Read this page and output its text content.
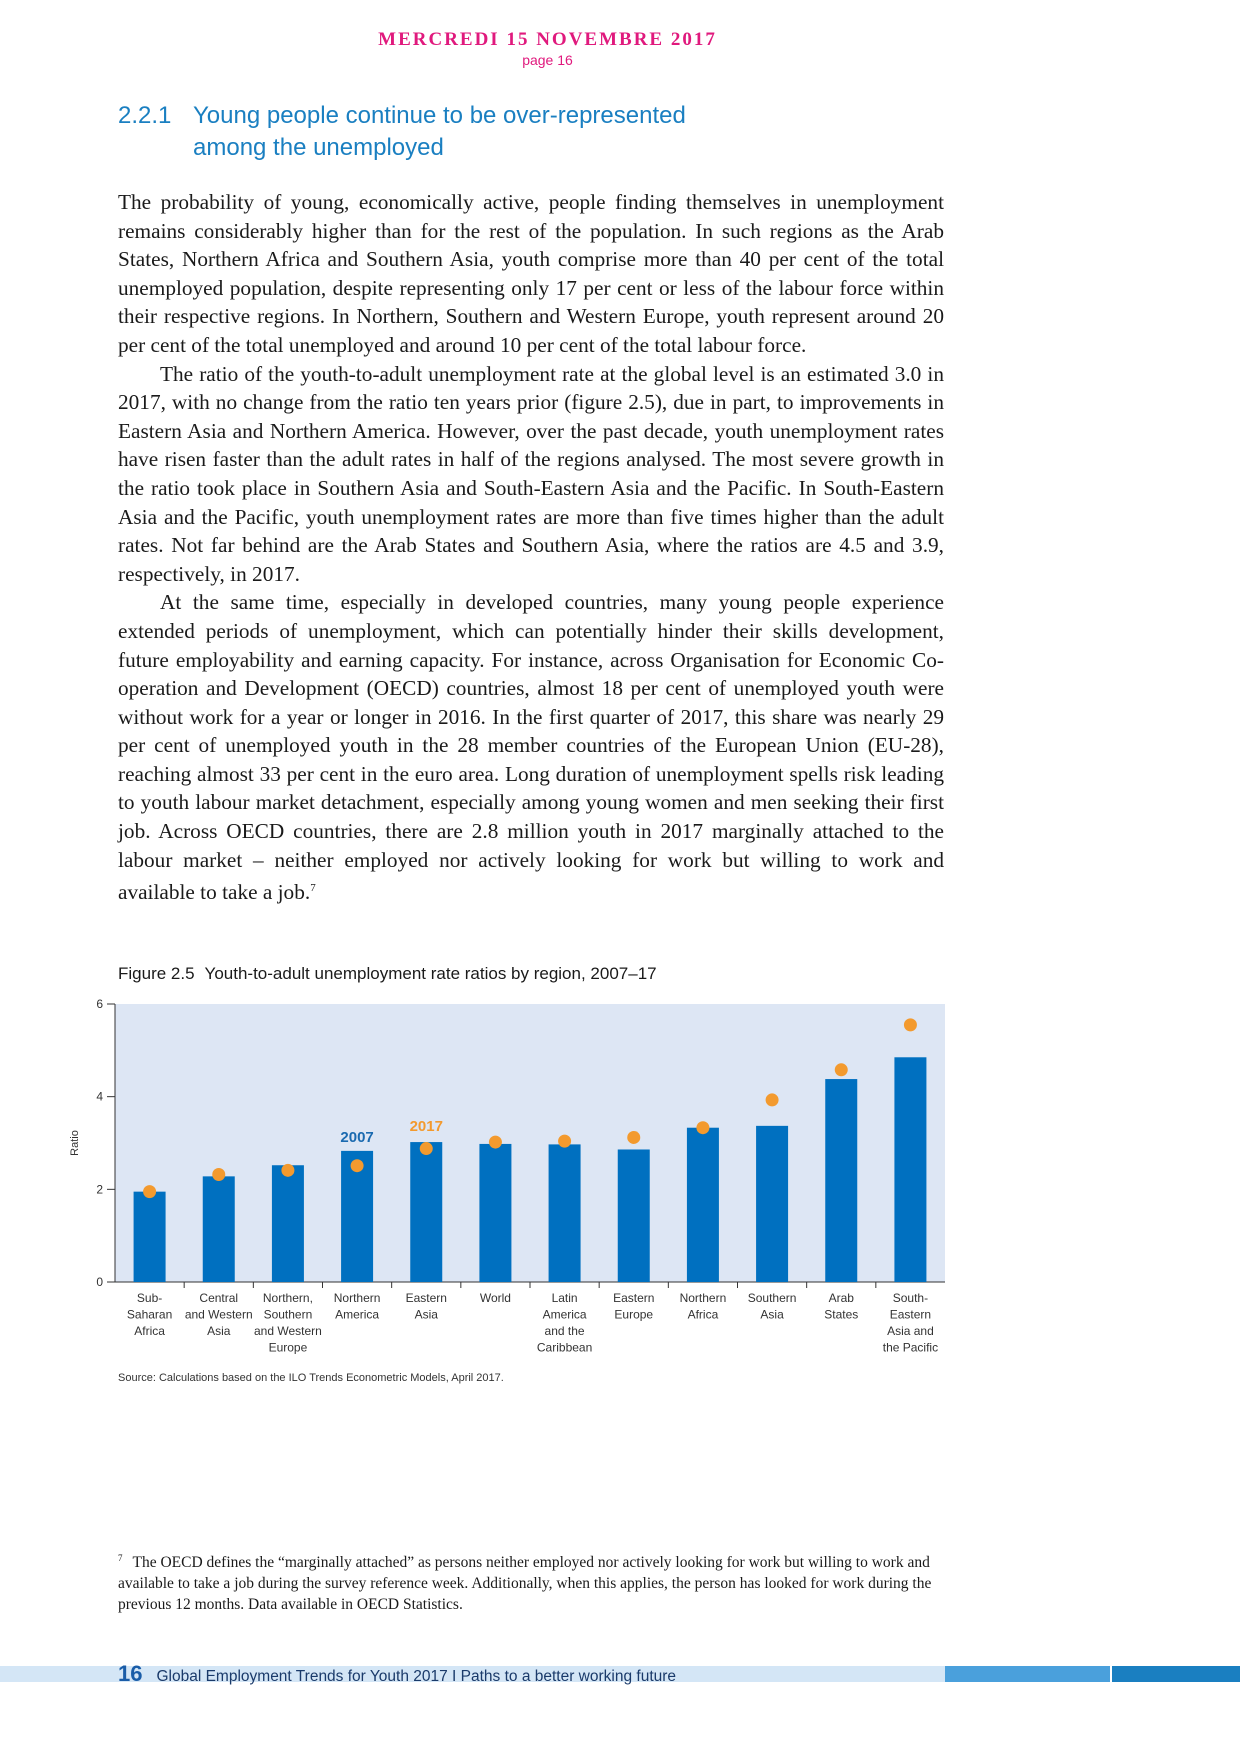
MERCREDI 15 NOVEMBRE 2017
page 16
2.2.1 Young people continue to be over-represented
among the unemployed

The probability of young, economically active, people finding themselves in unemployment remains considerably higher than for the rest of the population. In such regions as the Arab States, Northern Africa and Southern Asia, youth comprise more than 40 per cent of the total unemployed population, despite representing only 17 per cent or less of the labour force within their respective regions. In Northern, Southern and Western Europe, youth represent around 20 per cent of the total unemployed and around 10 per cent of the total labour force.

The ratio of the youth-to-adult unemployment rate at the global level is an estimated 3.0 in 2017, with no change from the ratio ten years prior (figure 2.5), due in part, to improvements in Eastern Asia and Northern America. However, over the past decade, youth unemployment rates have risen faster than the adult rates in half of the regions analysed. The most severe growth in the ratio took place in Southern Asia and South-Eastern Asia and the Pacific. In South-Eastern Asia and the Pacific, youth unemployment rates are more than five times higher than the adult rates. Not far behind are the Arab States and Southern Asia, where the ratios are 4.5 and 3.9, respectively, in 2017.

At the same time, especially in developed countries, many young people experience extended periods of unemployment, which can potentially hinder their skills development, future employability and earning capacity. For instance, across Organisation for Economic Co-operation and Development (OECD) countries, almost 18 per cent of unemployed youth were without work for a year or longer in 2016. In the first quarter of 2017, this share was nearly 29 per cent of unemployed youth in the 28 member countries of the European Union (EU-28), reaching almost 33 per cent in the euro area. Long duration of unemployment spells risk leading to youth labour market detachment, especially among young women and men seeking their first job. Across OECD countries, there are 2.8 million youth in 2017 marginally attached to the labour market – neither employed nor actively looking for work but willing to work and available to take a job.$^7$

Figure 2.5 Youth-to-adult unemployment rate ratios by region, 2007–17
0
2
4
6
Ratio
Sub-
Saharan
Africa
Central
and Western
Asia
Northern,
Southern
and Western
Europe
Northern
America
Eastern
Asia
World	Latin
America
and the
Caribbean
Eastern
Europe
Northern
Africa
Southern
Asia
Arab
States
South-
Eastern
Asia and
the Pacific
2007
2017
Source: Calculations based on the ILO Trends Econometric Models, April 2017.
$^7$ The OECD defines the “marginally attached” as persons neither employed nor actively looking for work but willing to work and available to take a job during the survey reference week. Additionally, when this applies, the person has looked for work during the previous 12 months. Data available in OECD Statistics.
16 Global Employment Trends for Youth 2017 I Paths to a better working future
